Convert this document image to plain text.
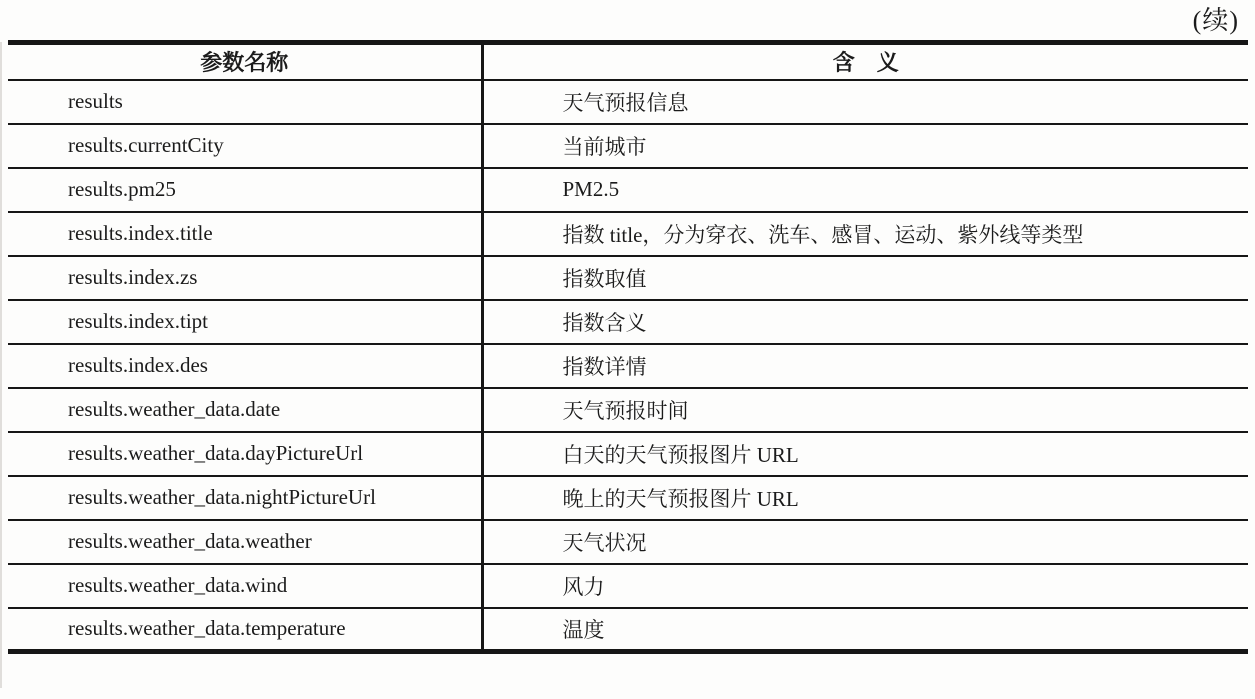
(续)
参数名称	含　义
results	天气预报信息
results.currentCity	当前城市
results.pm25	PM2.5
results.index.title	指数 title，分为穿衣、洗车、感冒、运动、紫外线等类型
results.index.zs	指数取值
results.index.tipt	指数含义
results.index.des	指数详情
results.weather_data.date	天气预报时间
results.weather_data.dayPictureUrl	白天的天气预报图片 URL
results.weather_data.nightPictureUrl	晚上的天气预报图片 URL
results.weather_data.weather	天气状况
results.weather_data.wind	风力
results.weather_data.temperature	温度
